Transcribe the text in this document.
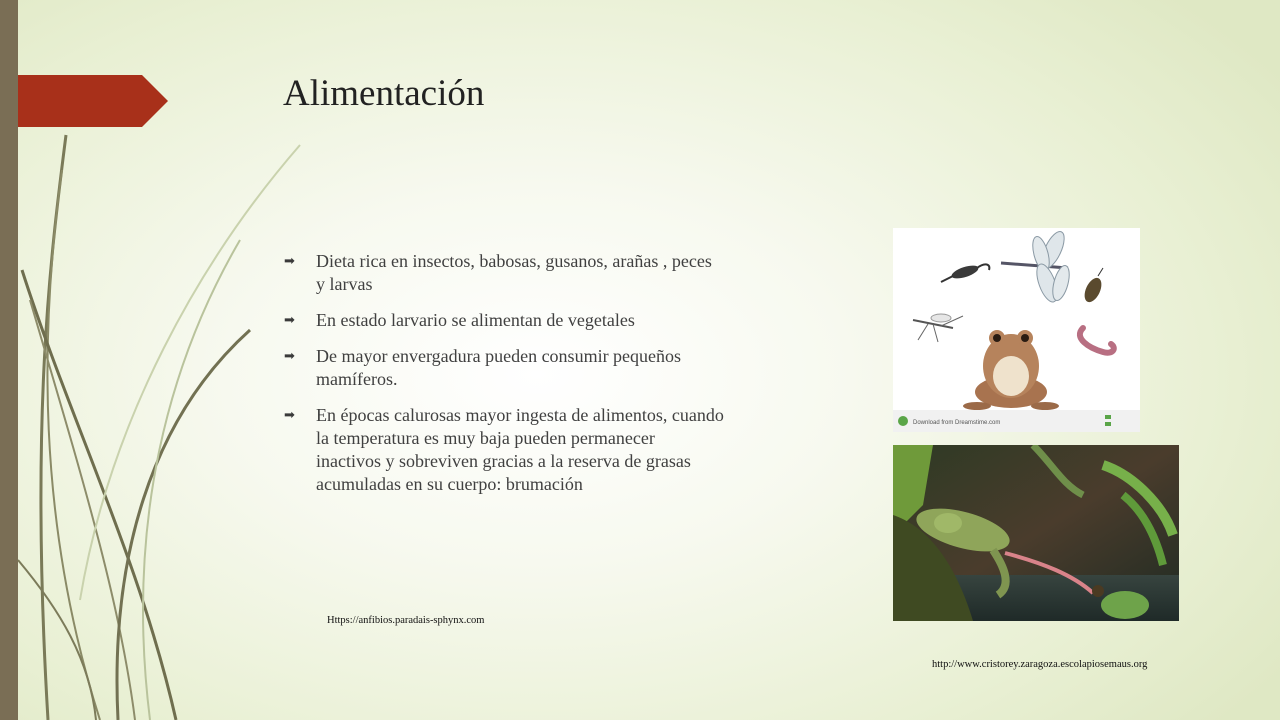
Alimentación
➡ Dieta rica en insectos, babosas, gusanos, arañas , peces y larvas
➡ En estado larvario se alimentan de vegetales
➡ De mayor envergadura pueden consumir pequeños mamíferos.
➡ En épocas calurosas mayor ingesta de alimentos, cuando la temperatura es muy baja pueden permanecer inactivos y sobreviven gracias a la reserva de grasas acumuladas en su cuerpo: brumación
Https://anfibios.paradais-sphynx.com
Download from Dreamstime.com
http://www.cristorey.zaragoza.escolapiosemaus.org
